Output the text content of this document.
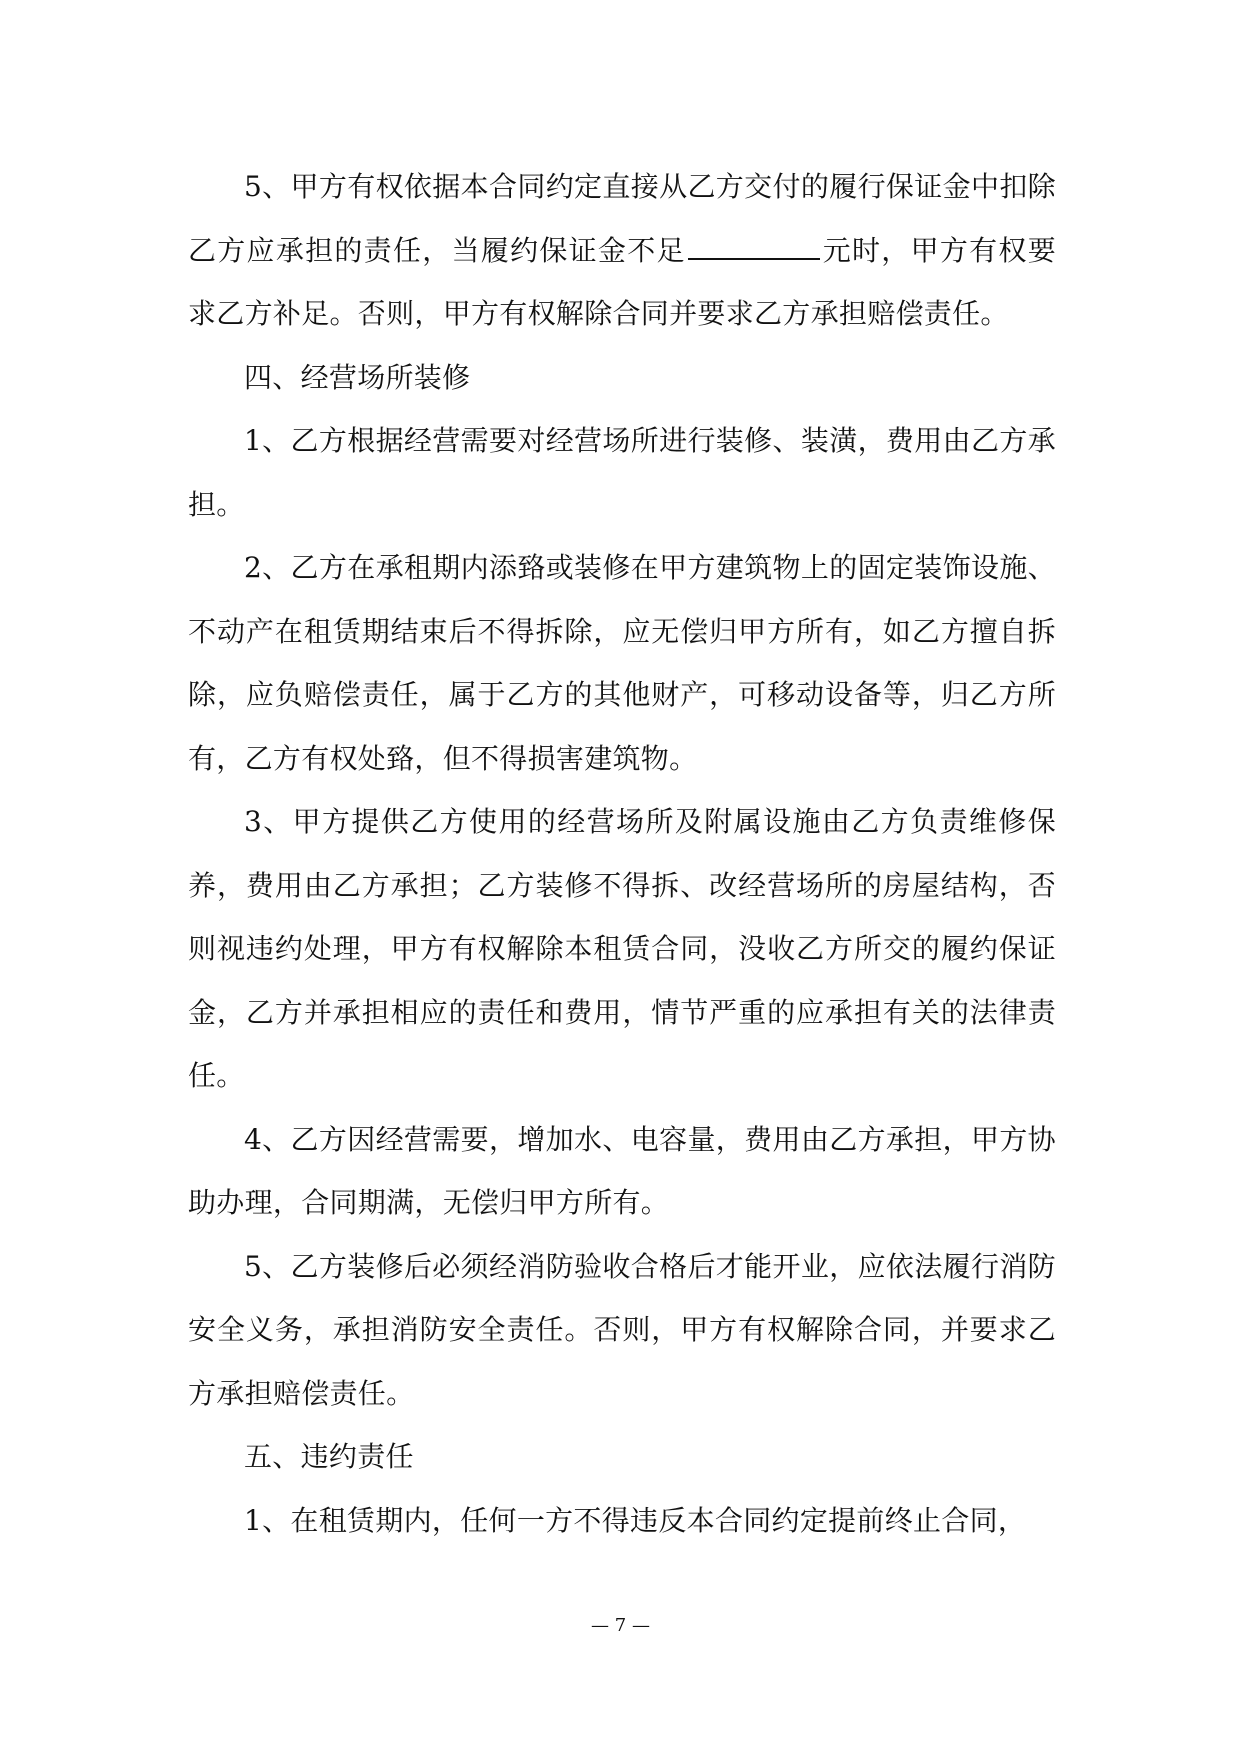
5、甲方有权依据本合同约定直接从乙方交付的履行保证金中扣除乙方应承担的责任，当履约保证金不足	元时，甲方有权要求乙方补足。否则，甲方有权解除合同并要求乙方承担赔偿责任。

四、经营场所装修

1、乙方根据经营需要对经营场所进行装修、装潢，费用由乙方承担。

2、乙方在承租期内添臵或装修在甲方建筑物上的固定装饰设施、不动产在租赁期结束后不得拆除，应无偿归甲方所有，如乙方擅自拆除，应负赔偿责任，属于乙方的其他财产，可移动设备等，归乙方所有，乙方有权处臵，但不得损害建筑物。

3、甲方提供乙方使用的经营场所及附属设施由乙方负责维修保养，费用由乙方承担；乙方装修不得拆、改经营场所的房屋结构，否则视违约处理，甲方有权解除本租赁合同，没收乙方所交的履约保证金，乙方并承担相应的责任和费用，情节严重的应承担有关的法律责任。

4、乙方因经营需要，增加水、电容量，费用由乙方承担，甲方协助办理，合同期满，无偿归甲方所有。

5、乙方装修后必须经消防验收合格后才能开业，应依法履行消防安全义务，承担消防安全责任。否则，甲方有权解除合同，并要求乙方承担赔偿责任。

五、违约责任

1、在租赁期内，任何一方不得违反本合同约定提前终止合同，

— 7 —
